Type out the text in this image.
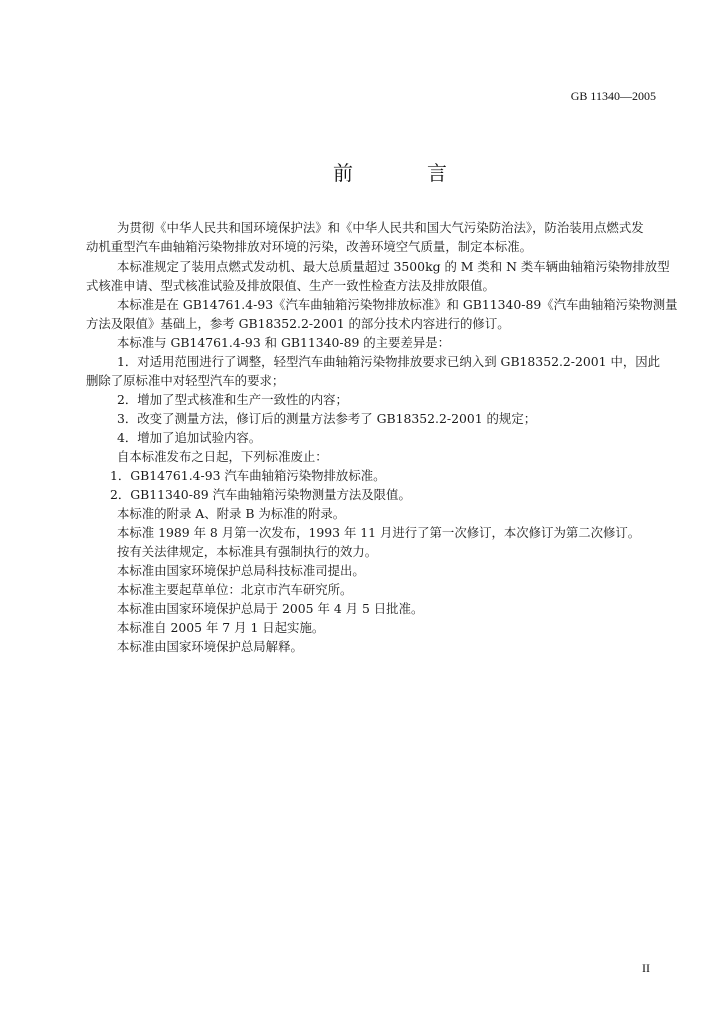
GB 11340—2005
前　言
为贯彻《中华人民共和国环境保护法》和《中华人民共和国大气污染防治法》，防治装用点燃式发
动机重型汽车曲轴箱污染物排放对环境的污染，改善环境空气质量，制定本标准。
本标准规定了装用点燃式发动机、最大总质量超过 3500kg 的 M 类和 N 类车辆曲轴箱污染物排放型
式核准申请、型式核准试验及排放限值、生产一致性检查方法及排放限值。
本标准是在 GB14761.4-93《汽车曲轴箱污染物排放标准》和 GB11340-89《汽车曲轴箱污染物测量
方法及限值》基础上，参考 GB18352.2-2001 的部分技术内容进行的修订。
本标准与 GB14761.4-93 和 GB11340-89 的主要差异是：
1．对适用范围进行了调整，轻型汽车曲轴箱污染物排放要求已纳入到 GB18352.2-2001 中，因此
删除了原标准中对轻型汽车的要求；
2．增加了型式核准和生产一致性的内容；
3．改变了测量方法，修订后的测量方法参考了 GB18352.2-2001 的规定；
4．增加了追加试验内容。
自本标准发布之日起，下列标准废止：
1．GB14761.4-93 汽车曲轴箱污染物排放标准。
2．GB11340-89 汽车曲轴箱污染物测量方法及限值。
本标准的附录 A、附录 B 为标准的附录。
本标准 1989 年 8 月第一次发布，1993 年 11 月进行了第一次修订，本次修订为第二次修订。
按有关法律规定，本标准具有强制执行的效力。
本标准由国家环境保护总局科技标准司提出。
本标准主要起草单位：北京市汽车研究所。
本标准由国家环境保护总局于 2005 年 4 月 5 日批准。
本标准自 2005 年 7 月 1 日起实施。
本标准由国家环境保护总局解释。
II
